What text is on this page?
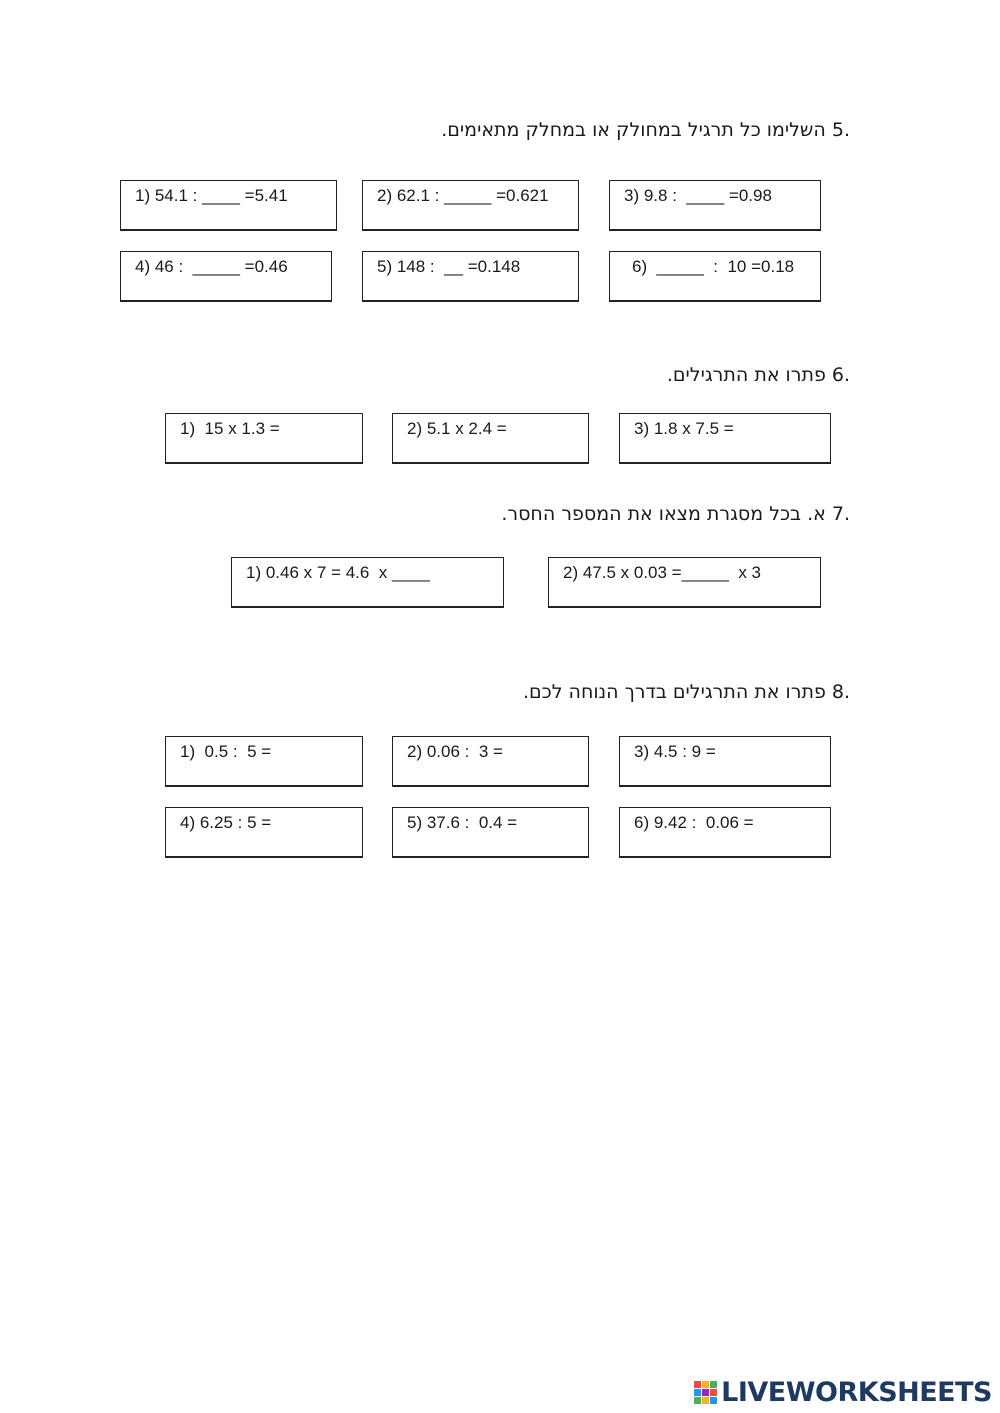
5. השלימו כל תרגיל במחולק או במחלק מתאימים.
1) 54.1 : ____ =5.41	2) 62.1 : _____ =0.621	3) 9.8 :  ____ =0.98
4) 46 :  _____ =0.46	5) 148 :  __ =0.148	6)  _____  :  10 =0.18
6. פתרו את התרגילים.
1)  15 x 1.3 =	2) 5.1 x 2.4 =	3) 1.8 x 7.5 =
7. א. בכל מסגרת מצאו את המספר החסר.
1) 0.46 x 7 = 4.6  x ____	2) 47.5 x 0.03 =_____  x 3
8. פתרו את התרגילים בדרך הנוחה לכם.
1)  0.5 :  5 =	2) 0.06 :  3 =	3) 4.5 : 9 =
4) 6.25 : 5 =	5) 37.6 :  0.4 =	6) 9.42 :  0.06 =
LIVEWORKSHEETS
